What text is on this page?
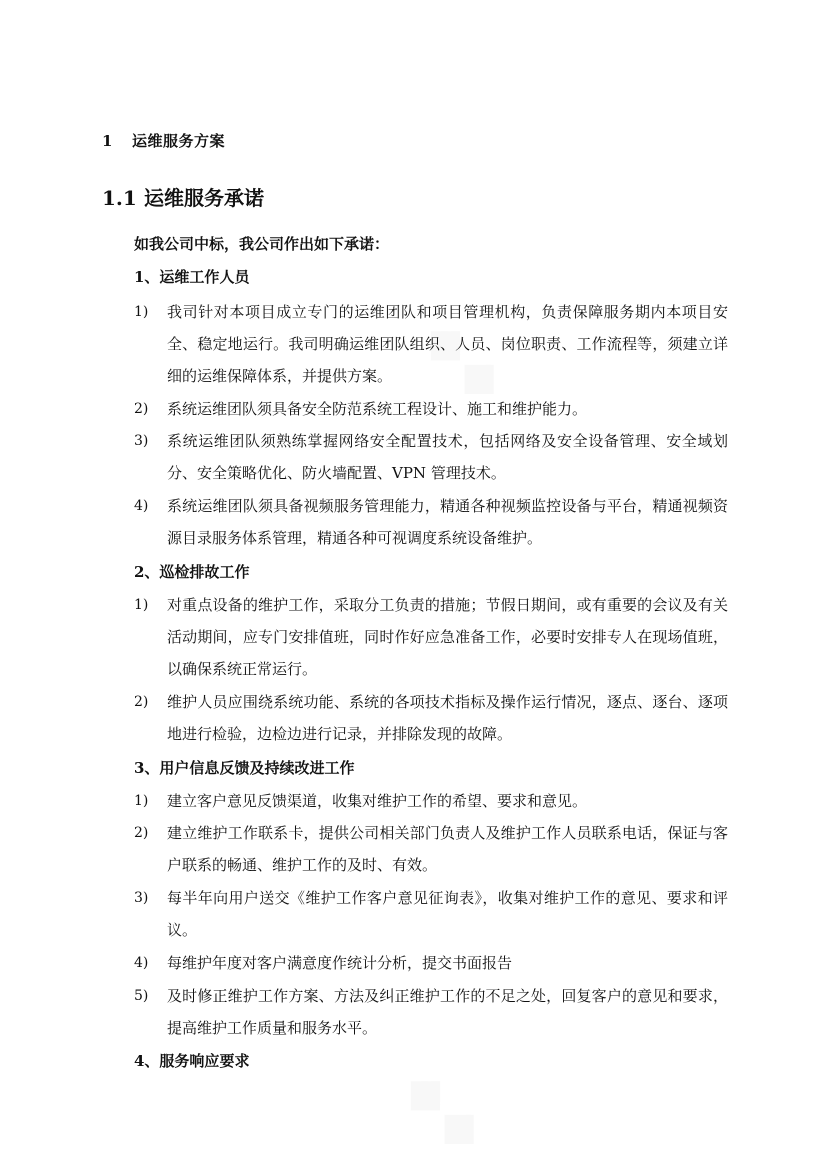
◆◆
◆◆
1 运维服务方案
1.1 运维服务承诺
如我公司中标，我公司作出如下承诺：
1、运维工作人员
1) 我司针对本项目成立专门的运维团队和项目管理机构，负责保障服务期内本项目安全、稳定地运行。我司明确运维团队组织、人员、岗位职责、工作流程等，须建立详细的运维保障体系，并提供方案。
2) 系统运维团队须具备安全防范系统工程设计、施工和维护能力。
3) 系统运维团队须熟练掌握网络安全配置技术，包括网络及安全设备管理、安全域划分、安全策略优化、防火墙配置、VPN 管理技术。
4) 系统运维团队须具备视频服务管理能力，精通各种视频监控设备与平台，精通视频资源目录服务体系管理，精通各种可视调度系统设备维护。
2、巡检排故工作
1) 对重点设备的维护工作，采取分工负责的措施；节假日期间，或有重要的会议及有关活动期间，应专门安排值班，同时作好应急准备工作，必要时安排专人在现场值班，以确保系统正常运行。
2) 维护人员应围绕系统功能、系统的各项技术指标及操作运行情况，逐点、逐台、逐项地进行检验，边检边进行记录，并排除发现的故障。
3、用户信息反馈及持续改进工作
1) 建立客户意见反馈渠道，收集对维护工作的希望、要求和意见。
2) 建立维护工作联系卡，提供公司相关部门负责人及维护工作人员联系电话，保证与客户联系的畅通、维护工作的及时、有效。
3) 每半年向用户送交《维护工作客户意见征询表》，收集对维护工作的意见、要求和评议。
4) 每维护年度对客户满意度作统计分析，提交书面报告
5) 及时修正维护工作方案、方法及纠正维护工作的不足之处，回复客户的意见和要求，提高维护工作质量和服务水平。
4、服务响应要求
